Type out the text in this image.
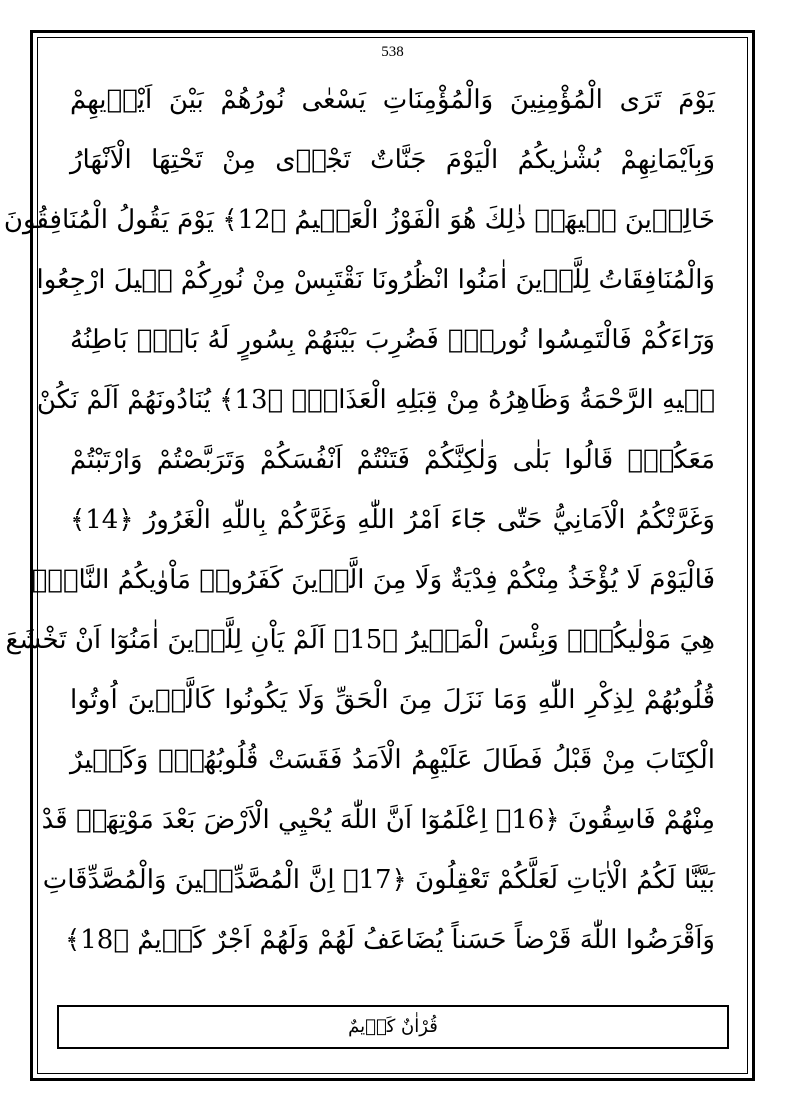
538
يَوْمَ تَرَى الْمُؤْمِنِينَ وَالْمُؤْمِنَاتِ يَسْعٰى نُورُهُمْ بَيْنَ اَيْدٖيهِمْ
وَبِاَيْمَانِهِمْ بُشْرٰيكُمُ الْيَوْمَ جَنَّاتٌ تَجْرٖى مِنْ تَحْتِهَا الْاَنْهَارُ
خَالِدٖينَ فٖيهَاۜ ذٰلِكَ هُوَ الْفَوْزُ الْعَظٖيمُ ﴿12﴾ يَوْمَ يَقُولُ الْمُنَافِقُونَ
وَالْمُنَافِقَاتُ لِلَّذٖينَ اٰمَنُوا انْظُرُونَا نَقْتَبِسْ مِنْ نُورِكُمْ قٖيلَ ارْجِعُوا
وَرَٓاءَكُمْ فَالْتَمِسُوا نُوراًۜ فَضُرِبَ بَيْنَهُمْ بِسُورٍ لَهُ بَابٌۜ بَاطِنُهُ
فٖيهِ الرَّحْمَةُ وَظَاهِرُهُ مِنْ قِبَلِهِ الْعَذَابُۜ ﴿13﴾ يُنَادُونَهُمْ اَلَمْ نَكُنْ
مَعَكُمْۜ قَالُوا بَلٰى وَلٰكِنَّكُمْ فَتَنْتُمْ اَنْفُسَكُمْ وَتَرَبَّصْتُمْ وَارْتَبْتُمْ
وَغَرَّتْكُمُ الْاَمَانِيُّ حَتّٰى جَٓاءَ اَمْرُ اللّٰهِ وَغَرَّكُمْ بِاللّٰهِ الْغَرُورُ ﴿14﴾
فَالْيَوْمَ لَا يُؤْخَذُ مِنْكُمْ فِدْيَةٌ وَلَا مِنَ الَّذٖينَ كَفَرُواۜ مَاْوٰيكُمُ النَّارُۜ
هِيَ مَوْلٰيكُمْۜ وَبِئْسَ الْمَصٖيرُ ﴿15﴾ اَلَمْ يَاْنِ لِلَّذٖينَ اٰمَنُوٓا اَنْ تَخْشَعَ
قُلُوبُهُمْ لِذِكْرِ اللّٰهِ وَمَا نَزَلَ مِنَ الْحَقِّ وَلَا يَكُونُوا كَالَّذٖينَ اُوتُوا
الْكِتَابَ مِنْ قَبْلُ فَطَالَ عَلَيْهِمُ الْاَمَدُ فَقَسَتْ قُلُوبُهُمْۜ وَكَثٖيرٌ
مِنْهُمْ فَاسِقُونَ ﴿16﴾ اِعْلَمُوٓا اَنَّ اللّٰهَ يُحْيِي الْاَرْضَ بَعْدَ مَوْتِهَاۜ قَدْ
بَيَّنَّا لَكُمُ الْاٰيَاتِ لَعَلَّكُمْ تَعْقِلُونَ ﴿17﴾ اِنَّ الْمُصَّدِّقٖينَ وَالْمُصَّدِّقَاتِ
وَاَقْرَضُوا اللّٰهَ قَرْضاً حَسَناً يُضَاعَفُ لَهُمْ وَلَهُمْ اَجْرٌ كَرٖيمٌ ﴿18﴾
قُرْاٰنٌ كَرٖيمٌ
